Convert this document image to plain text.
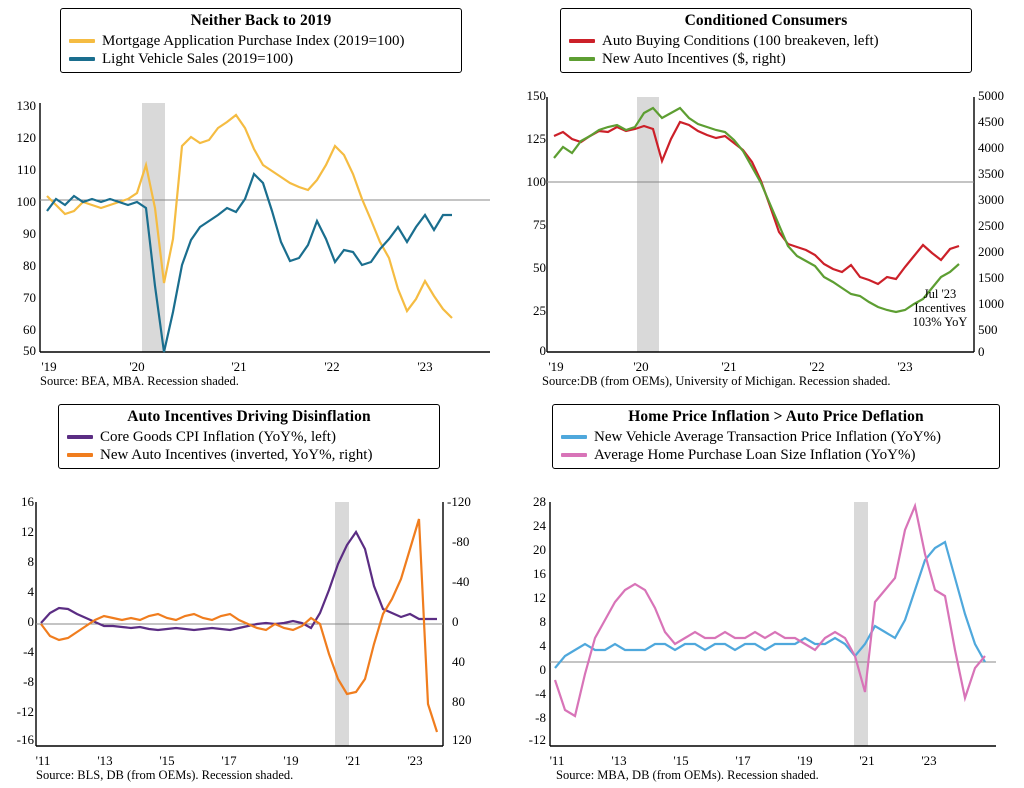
Neither Back to 2019
Mortgage Application Purchase Index (2019=100)
Light Vehicle Sales (2019=100)
130
120
110
100
90
80
70
60
50
'19	'20	'21	'22	'23
Source: BEA, MBA. Recession shaded.
Conditioned Consumers
Auto Buying Conditions (100 breakeven, left)
New Auto Incentives ($, right)
150
125
100
75
50
25
0
5000
4500
4000
3500
3000
2500
2000
1500
1000
500
0
'19	'20	'21	'22	'23
Jul '23
Incentives
103% YoY
Source:DB (from OEMs), University of Michigan. Recession shaded.
Auto Incentives Driving Disinflation
Core Goods CPI Inflation (YoY%, left)
New Auto Incentives (inverted, YoY%, right)
16
12
8
4
0
-4
-8
-12
-16
-120
-80
-40
0
40
80
120
'11	'13	'15	'17	'19	'21	'23
Source: BLS, DB (from OEMs). Recession shaded.
Home Price Inflation > Auto Price Deflation
New Vehicle Average Transaction Price Inflation (YoY%)
Average Home Purchase Loan Size Inflation (YoY%)
28
24
20
16
12
8
4
0
-4
-8
-12
'11	'13	'15	'17	'19	'21	'23
Source: MBA, DB (from OEMs). Recession shaded.
